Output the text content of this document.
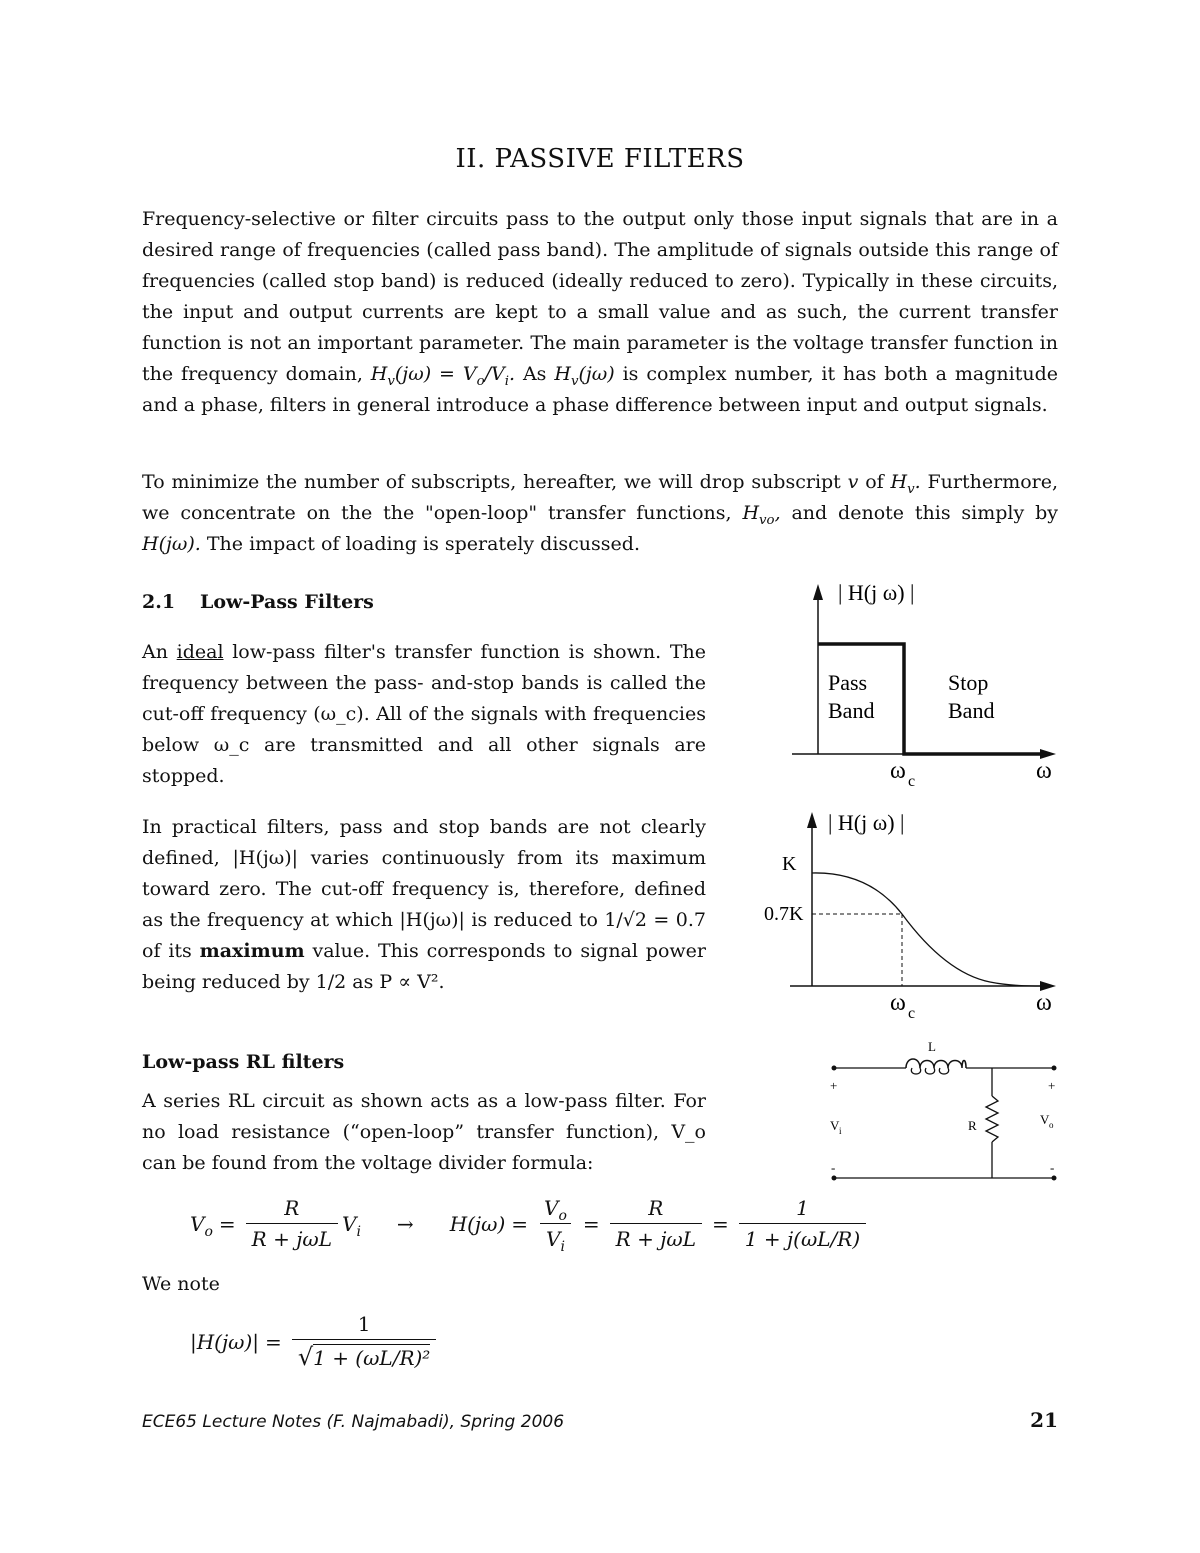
II. PASSIVE FILTERS

Frequency-selective or filter circuits pass to the output only those input signals that are in a desired range of frequencies (called pass band). The amplitude of signals outside this range of frequencies (called stop band) is reduced (ideally reduced to zero). Typically in these circuits, the input and output currents are kept to a small value and as such, the current transfer function is not an important parameter. The main parameter is the voltage transfer function in the frequency domain, $H_v(j\omega) = V_o/V_i$. As $H_v(j\omega)$ is complex number, it has both a magnitude and a phase, filters in general introduce a phase difference between input and output signals.

To minimize the number of subscripts, hereafter, we will drop subscript v of $H_v$. Furthermore, we concentrate on the the "open-loop" transfer functions, $H_{vo}$, and denote this simply by H(jω). The impact of loading is sperately discussed.

2.1 Low-Pass Filters

An ideal low-pass filter's transfer function is shown. The frequency between the pass- and-stop bands is called the cut-off frequency (ω_c). All of the signals with frequencies below ω_c are transmitted and all other signals are stopped.

In practical filters, pass and stop bands are not clearly defined, |H(jω)| varies continuously from its maximum toward zero. The cut-off frequency is, therefore, defined as the frequency at which |H(jω)| is reduced to 1/√2 = 0.7 of its maximum value. This corresponds to signal power being reduced by 1/2 as P ∝ V².

Low-pass RL filters

A series RL circuit as shown acts as a low-pass filter. For no load resistance (“open-loop” transfer function), V_o can be found from the voltage divider formula:

| H(j ω) |
Pass
Band
Stop
Band
ω c	ω
| H(j ω) |
K
0.7K
ω c	ω
L
R
+
V i
-
+
V o
-
$V_o = \frac{R}{\text{R + jωL}} V_i \to H(j\omega) = \frac{V_o}{V_i} = \frac{R}{\text{R + jωL}} = \frac{1}{1 + j(\omega L/R)}$
We note
$|H(j\omega)| = \frac{1}{\text{√1 + (ωL/R)²}}$
ECE65 Lecture Notes (F. Najmabadi), Spring 2006	21
